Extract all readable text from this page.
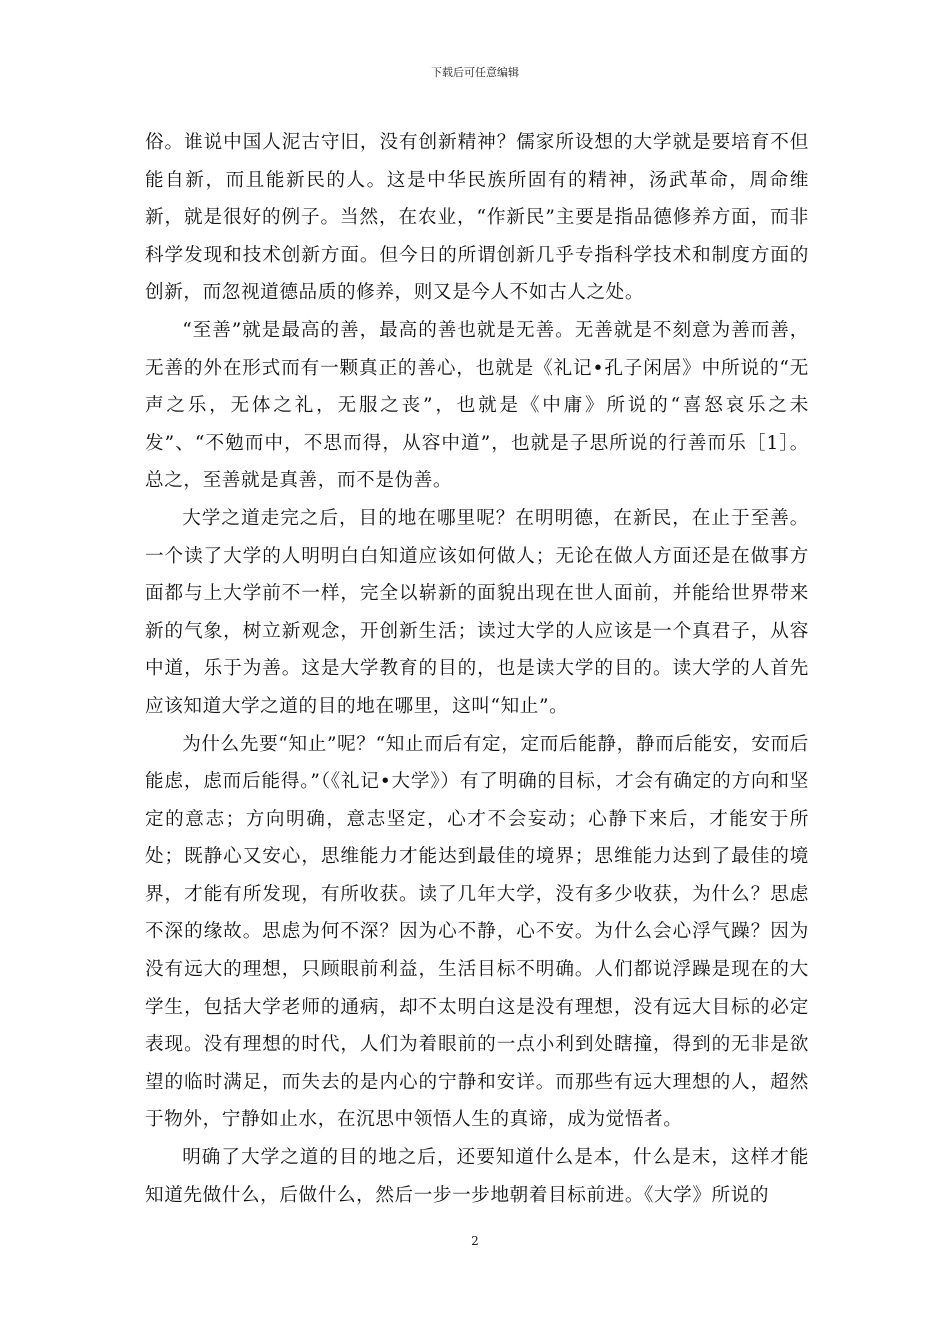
下载后可任意编辑

俗。谁说中国人泥古守旧，没有创新精神？儒家所设想的大学就是要培育不但能自新，而且能新民的人。这是中华民族所固有的精神，汤武革命，周命维新，就是很好的例子。当然，在农业，“作新民”主要是指品德修养方面，而非科学发现和技术创新方面。但今日的所谓创新几乎专指科学技术和制度方面的创新，而忽视道德品质的修养，则又是今人不如古人之处。

“至善”就是最高的善，最高的善也就是无善。无善就是不刻意为善而善，无善的外在形式而有一颗真正的善心，也就是《礼记•孔子闲居》中所说的“无声之乐，无体之礼，无服之丧”，也就是《中庸》所说的“喜怒哀乐之未发”、“不勉而中，不思而得，从容中道”，也就是子思所说的行善而乐［1］。总之，至善就是真善，而不是伪善。

大学之道走完之后，目的地在哪里呢？在明明德，在新民，在止于至善。一个读了大学的人明明白白知道应该如何做人；无论在做人方面还是在做事方面都与上大学前不一样，完全以崭新的面貌出现在世人面前，并能给世界带来新的气象，树立新观念，开创新生活；读过大学的人应该是一个真君子，从容中道，乐于为善。这是大学教育的目的，也是读大学的目的。读大学的人首先应该知道大学之道的目的地在哪里，这叫“知止”。

为什么先要“知止”呢？“知止而后有定，定而后能静，静而后能安，安而后能虑，虑而后能得。”（《礼记•大学》）有了明确的目标，才会有确定的方向和坚定的意志；方向明确，意志坚定，心才不会妄动；心静下来后，才能安于所处；既静心又安心，思维能力才能达到最佳的境界；思维能力达到了最佳的境界，才能有所发现，有所收获。读了几年大学，没有多少收获，为什么？思虑不深的缘故。思虑为何不深？因为心不静，心不安。为什么会心浮气躁？因为没有远大的理想，只顾眼前利益，生活目标不明确。人们都说浮躁是现在的大学生，包括大学老师的通病，却不太明白这是没有理想，没有远大目标的必定表现。没有理想的时代，人们为着眼前的一点小利到处瞎撞，得到的无非是欲望的临时满足，而失去的是内心的宁静和安详。而那些有远大理想的人，超然于物外，宁静如止水，在沉思中领悟人生的真谛，成为觉悟者。

明确了大学之道的目的地之后，还要知道什么是本，什么是末，这样才能知道先做什么，后做什么，然后一步一步地朝着目标前进。《大学》所说的

2
